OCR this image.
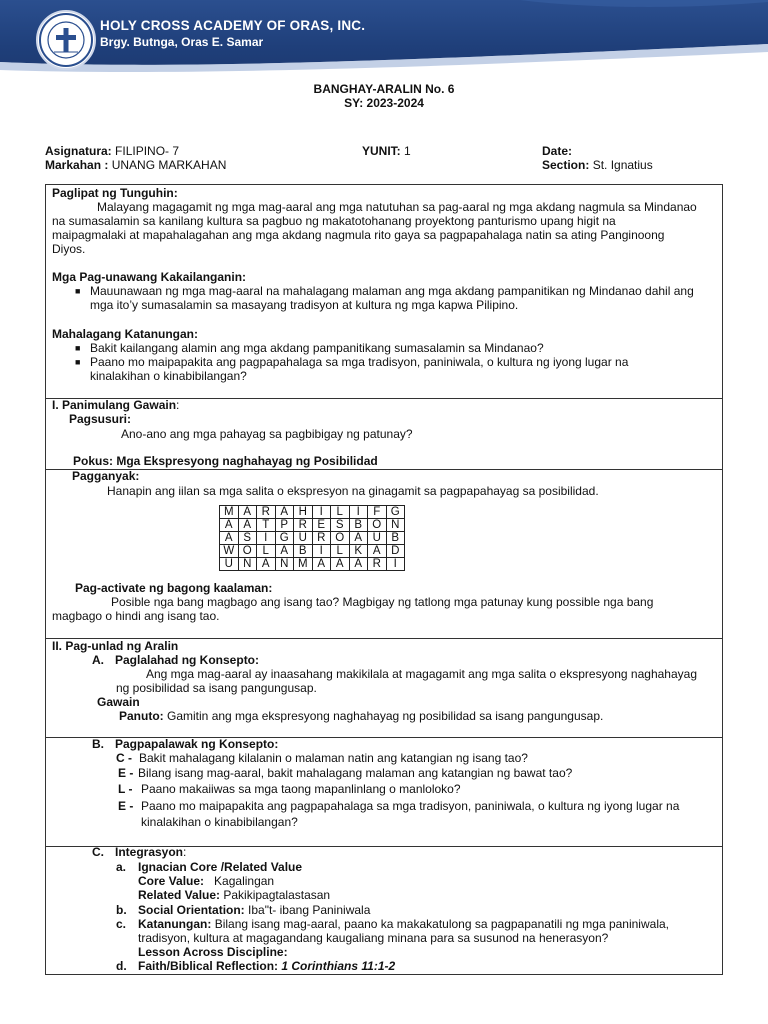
HOLY CROSS ACADEMY OF ORAS, INC.
Brgy. Butnga, Oras E. Samar
BANGHAY-ARALIN No. 6
SY: 2023-2024
Asignatura: FILIPINO- 7
Markahan : UNANG MARKAHAN
YUNIT: 1	Date:
Section: St. Ignatius
Paglipat ng Tunguhin:
Malayang magagamit ng mga mag-aaral ang mga natutuhan sa pag-aaral ng mga akdang nagmula sa Mindanao
na sumasalamin sa kanilang kultura sa pagbuo ng makatotohanang proyektong panturismo upang higit na
maipagmalaki at mapahalagahan ang mga akdang nagmula rito gaya sa pagpapahalaga natin sa ating Panginoong
Diyos.
Mga Pag-unawang Kakailanganin:
■ Mauunawaan ng mga mag-aaral na mahalagang malaman ang mga akdang pampanitikan ng Mindanao dahil ang
mga ito’y sumasalamin sa masayang tradisyon at kultura ng mga kapwa Pilipino.
Mahalagang Katanungan:
■ Bakit kailangang alamin ang mga akdang pampanitikang sumasalamin sa Mindanao?
■ Paano mo maipapakita ang pagpapahalaga sa mga tradisyon, paniniwala, o kultura ng iyong lugar na
kinalakihan o kinabibilangan?
I. Panimulang Gawain:
Pagsusuri:
Ano-ano ang mga pahayag sa pagbibigay ng patunay?
Pokus: Mga Ekspresyong naghahayag ng Posibilidad
Pagganyak:
Hanapin ang iilan sa mga salita o ekspresyon na ginagamit sa pagpapahayag sa posibilidad.
M	A	R	A	H	I	L	I	F	G
A	A	T	P	R	E	S	B	O	N
A	S	I	G	U	R	O	A	U	B
W	O	L	A	B	I	L	K	A	D
U	N	A	N	M	A	A	A	R	I
Pag-activate ng bagong kaalaman:
Posible nga bang magbago ang isang tao? Magbigay ng tatlong mga patunay kung possible nga bang
magbago o hindi ang isang tao.
II. Pag-unlad ng Aralin
A. Paglalahad ng Konsepto:
Ang mga mag-aaral ay inaasahang makikilala at magagamit ang mga salita o ekspresyong naghahayag
ng posibilidad sa isang pangungusap.
Gawain
Panuto: Gamitin ang mga ekspresyong naghahayag ng posibilidad sa isang pangungusap.
B. Pagpapalawak ng Konsepto:
C - Bakit mahalagang kilalanin o malaman natin ang katangian ng isang tao?
E - Bilang isang mag-aaral, bakit mahalagang malaman ang katangian ng bawat tao?
L - Paano makaiiwas sa mga taong mapanlinlang o manloloko?
E - Paano mo maipapakita ang pagpapahalaga sa mga tradisyon, paniniwala, o kultura ng iyong lugar na
kinalakihan o kinabibilangan?
C. Integrasyon:
a. Ignacian Core /Related Value
Core Value: Kagalingan
Related Value: Pakikipagtalastasan
b. Social Orientation: Iba"t- ibang Paniniwala
c. Katanungan: Bilang isang mag-aaral, paano ka makakatulong sa pagpapanatili ng mga paniniwala,
tradisyon, kultura at magagandang kaugaliang minana para sa susunod na henerasyon?
Lesson Across Discipline:
d. Faith/Biblical Reflection: 1 Corinthians 11:1-2
